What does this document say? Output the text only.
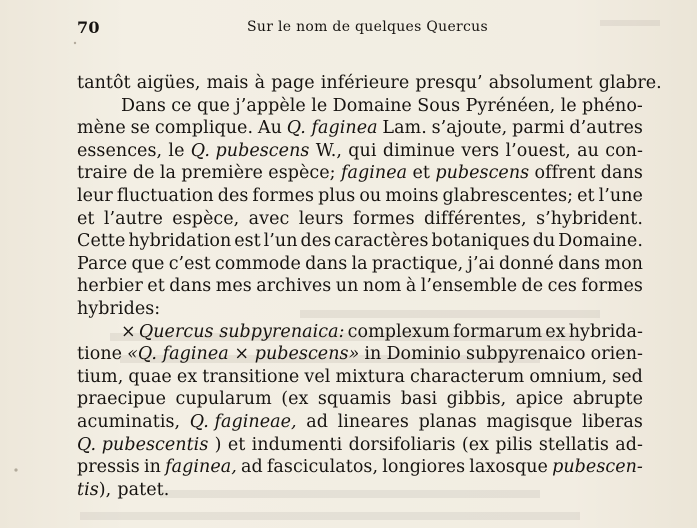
70	Sur le nom de quelques Quercus
tantôt aigües, mais à page inférieure presqu’ absolument glabre.
Dans ce que j’appèle le Domaine Sous Pyrénéen, le phéno-
mène se complique. Au Q. faginea Lam. s’ajoute, parmi d’autres
essences, le Q. pubescens W., qui diminue vers l’ouest, au con-
traire de la première espèce; faginea et pubescens offrent dans
leur fluctuation des formes plus ou moins glabrescentes; et l’une
et l’autre espèce, avec leurs formes différentes, s’hybrident.
Cette hybridation est l’un des caractères botaniques du Domaine.
Parce que c’est commode dans la practique, j’ai donné dans mon
herbier et dans mes archives un nom à l’ensemble de ces formes
hybrides:
× Quercus subpyrenaica: complexum formarum ex hybrida-
tione «Q. faginea × pubescens» in Dominio subpyrenaico orien-
tium, quae ex transitione vel mixtura characterum omnium, sed
praecipue cupularum (ex squamis basi gibbis, apice abrupte
acuminatis, Q. fagineae, ad lineares planas magisque liberas
Q. pubescentis ) et indumenti dorsifoliaris (ex pilis stellatis ad-
pressis in faginea, ad fasciculatos, longiores laxosque pubescen-
tis ), patet.
